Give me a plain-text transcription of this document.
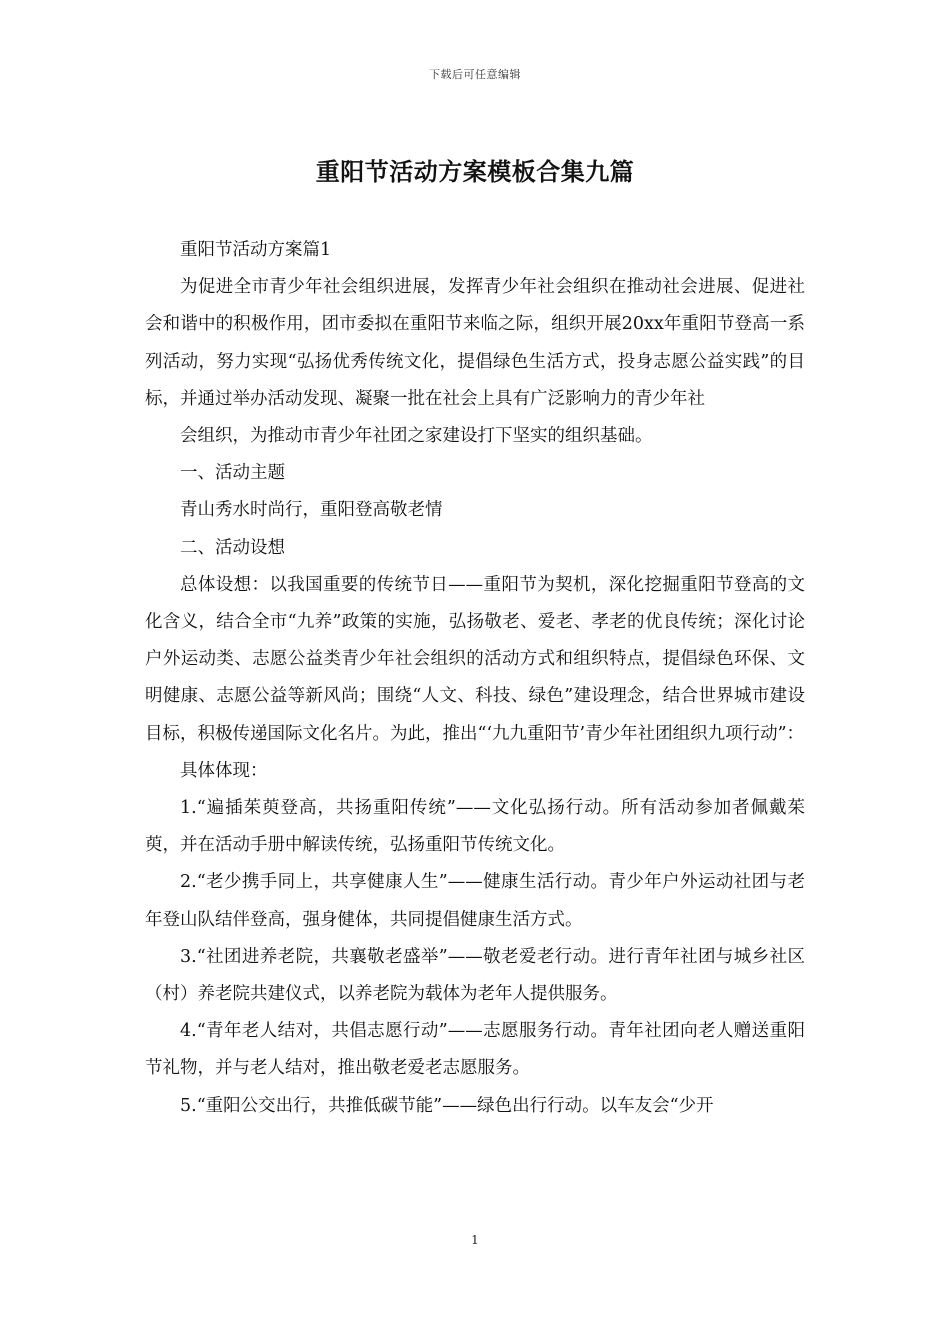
下载后可任意编辑
重阳节活动方案模板合集九篇

重阳节活动方案篇1

为促进全市青少年社会组织进展，发挥青少年社会组织在推动社会进展、促进社会和谐中的积极作用，团市委拟在重阳节来临之际，组织开展20xx年重阳节登高一系列活动，努力实现“弘扬优秀传统文化，提倡绿色生活方式，投身志愿公益实践”的目标，并通过举办活动发现、凝聚一批在社会上具有广泛影响力的青少年社

会组织，为推动市青少年社团之家建设打下坚实的组织基础。

一、活动主题

青山秀水时尚行，重阳登高敬老情

二、活动设想

总体设想：以我国重要的传统节日——重阳节为契机，深化挖掘重阳节登高的文化含义，结合全市“九养”政策的实施，弘扬敬老、爱老、孝老的优良传统；深化讨论户外运动类、志愿公益类青少年社会组织的活动方式和组织特点，提倡绿色环保、文明健康、志愿公益等新风尚；围绕“人文、科技、绿色”建设理念，结合世界城市建设目标，积极传递国际文化名片。为此，推出“‘九九重阳节’青少年社团组织九项行动”：

具体体现：

1.“遍插茱萸登高，共扬重阳传统”——文化弘扬行动。所有活动参加者佩戴茱萸，并在活动手册中解读传统，弘扬重阳节传统文化。

2.“老少携手同上，共享健康人生”——健康生活行动。青少年户外运动社团与老年登山队结伴登高，强身健体，共同提倡健康生活方式。

3.“社团进养老院，共襄敬老盛举”——敬老爱老行动。进行青年社团与城乡社区（村）养老院共建仪式，以养老院为载体为老年人提供服务。

4.“青年老人结对，共倡志愿行动”——志愿服务行动。青年社团向老人赠送重阳节礼物，并与老人结对，推出敬老爱老志愿服务。

5.“重阳公交出行，共推低碳节能”——绿色出行行动。以车友会“少开

1
